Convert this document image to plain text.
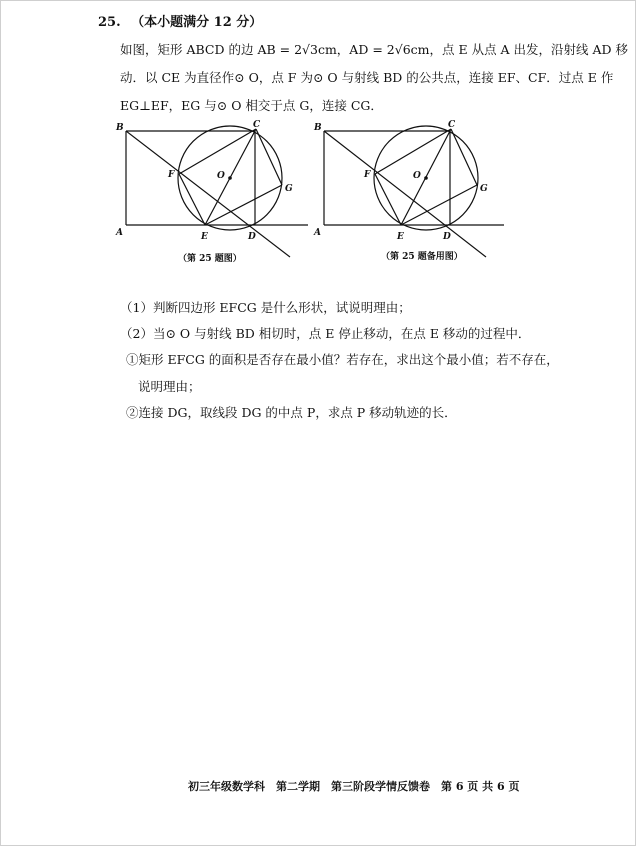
25. （本小题满分 12 分）
如图，矩形 ABCD 的边 AB = 2√3cm，AD = 2√6cm，点 E 从点 A 出发，沿射线 AD 移
动．以 CE 为直径作⊙ O，点 F 为⊙ O 与射线 BD 的公共点，连接 EF、CF．过点 E 作
EG⊥EF，EG 与⊙ O 相交于点 G，连接 CG．
B
A
C
D
E
F
G
O
B
A
C
D
E
F
G
O
（第 25 题图）	（第 25 题备用图）
（1）判断四边形 EFCG 是什么形状，试说明理由；
（2）当⊙ O 与射线 BD 相切时，点 E 停止移动，在点 E 移动的过程中．
①矩形 EFCG 的面积是否存在最小值？若存在，求出这个最小值；若不存在，
说明理由；
②连接 DG，取线段 DG 的中点 P，求点 P 移动轨迹的长．
初三年级数学科　第二学期　第三阶段学情反馈卷　第 6 页 共 6 页
